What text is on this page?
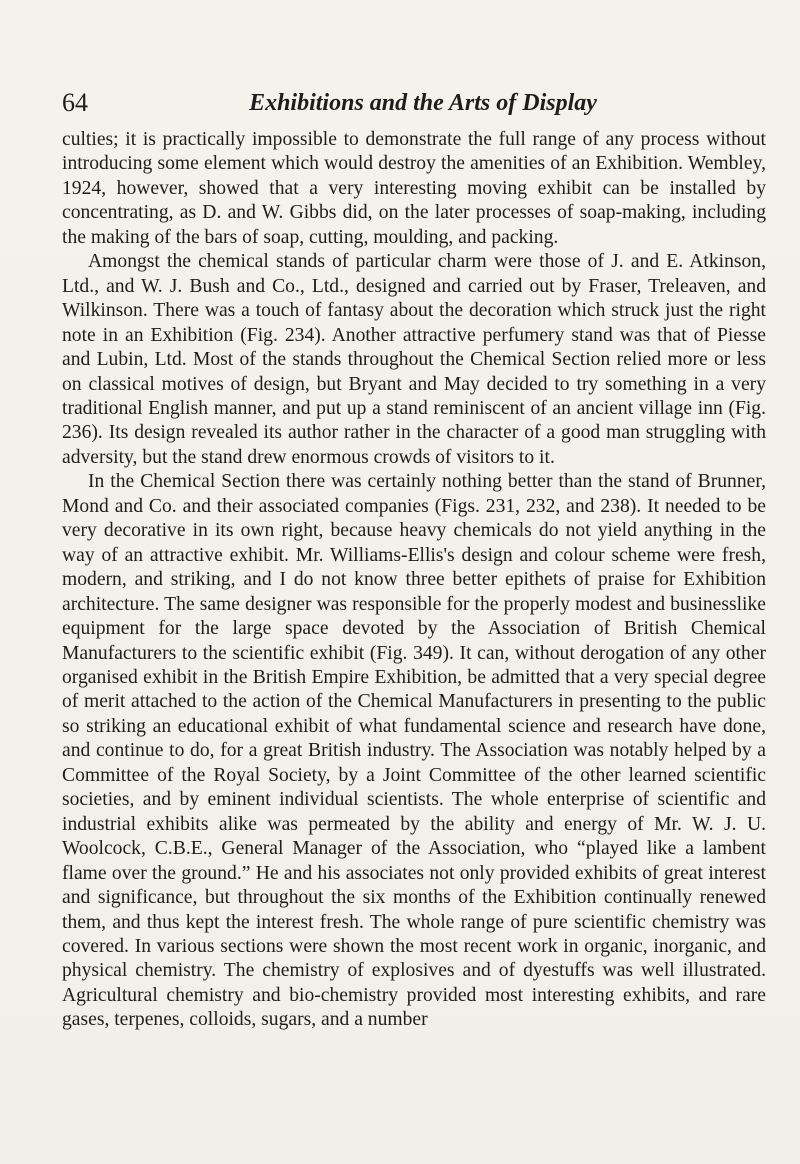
64	Exhibitions and the Arts of Display

culties; it is practically impossible to demonstrate the full range of any process without introducing some element which would destroy the amenities of an Exhibition. Wembley, 1924, however, showed that a very interesting moving exhibit can be installed by concentrating, as D. and W. Gibbs did, on the later processes of soap-making, including the making of the bars of soap, cutting, moulding, and packing.

Amongst the chemical stands of particular charm were those of J. and E. Atkinson, Ltd., and W. J. Bush and Co., Ltd., designed and carried out by Fraser, Treleaven, and Wilkinson. There was a touch of fantasy about the decoration which struck just the right note in an Exhibition (Fig. 234). Another attractive perfumery stand was that of Piesse and Lubin, Ltd. Most of the stands throughout the Chemical Section relied more or less on classical motives of design, but Bryant and May decided to try something in a very traditional English manner, and put up a stand reminiscent of an ancient village inn (Fig. 236). Its design revealed its author rather in the character of a good man struggling with adversity, but the stand drew enormous crowds of visitors to it.

In the Chemical Section there was certainly nothing better than the stand of Brunner, Mond and Co. and their associated companies (Figs. 231, 232, and 238). It needed to be very decorative in its own right, because heavy chemicals do not yield anything in the way of an attractive exhibit. Mr. Williams-Ellis's design and colour scheme were fresh, modern, and striking, and I do not know three better epithets of praise for Exhibition architecture. The same designer was responsible for the properly modest and businesslike equipment for the large space devoted by the Association of British Chemical Manufacturers to the scientific exhibit (Fig. 349). It can, without derogation of any other organised exhibit in the British Empire Exhibition, be admitted that a very special degree of merit attached to the action of the Chemical Manufacturers in presenting to the public so striking an educational exhibit of what fundamental science and research have done, and continue to do, for a great British industry. The Association was notably helped by a Committee of the Royal Society, by a Joint Committee of the other learned scientific societies, and by eminent individual scientists. The whole enterprise of scientific and industrial exhibits alike was permeated by the ability and energy of Mr. W. J. U. Woolcock, C.B.E., General Manager of the Association, who “played like a lambent flame over the ground.” He and his associates not only provided exhibits of great interest and significance, but throughout the six months of the Exhibition continually renewed them, and thus kept the interest fresh. The whole range of pure scientific chemistry was covered. In various sections were shown the most recent work in organic, inorganic, and physical chemistry. The chemistry of explosives and of dyestuffs was well illustrated. Agricultural chemistry and bio-chemistry provided most interesting exhibits, and rare gases, terpenes, colloids, sugars, and a number
